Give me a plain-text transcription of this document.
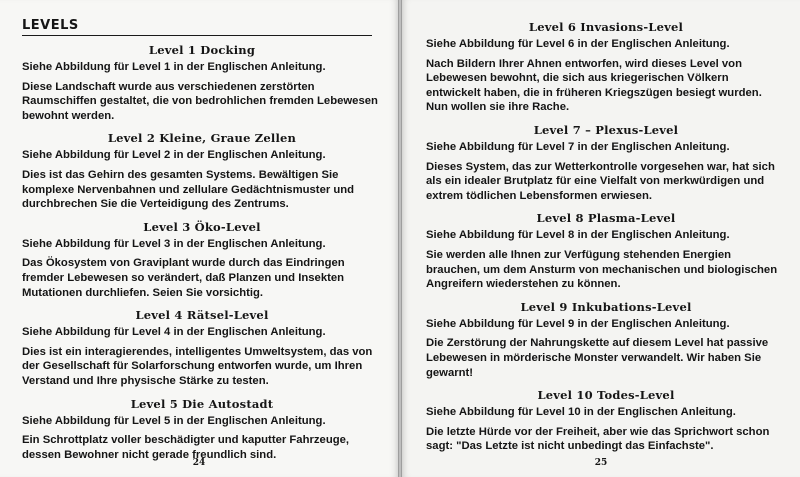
LEVELS
Level 1 Docking

Siehe Abbildung für Level 1 in der Englischen Anleitung.

Diese Landschaft wurde aus verschiedenen zerstörten Raumschiffen gestaltet, die von bedrohlichen fremden Lebewesen bewohnt werden.

Level 2 Kleine, Graue Zellen

Siehe Abbildung für Level 2 in der Englischen Anleitung.

Dies ist das Gehirn des gesamten Systems. Bewältigen Sie komplexe Nervenbahnen und zellulare Gedächtnismuster und durchbrechen Sie die Verteidigung des Zentrums.

Level 3 Öko-Level

Siehe Abbildung für Level 3 in der Englischen Anleitung.

Das Ökosystem von Graviplant wurde durch das Eindringen fremder Lebewesen so verändert, daß Planzen und Insekten Mutationen durchliefen. Seien Sie vorsichtig.

Level 4 Rätsel-Level

Siehe Abbildung für Level 4 in der Englischen Anleitung.

Dies ist ein interagierendes, intelligentes Umweltsystem, das von der Gesellschaft für Solarforschung entworfen wurde, um Ihren Verstand und Ihre physische Stärke zu testen.

Level 5 Die Autostadt

Siehe Abbildung für Level 5 in der Englischen Anleitung.

Ein Schrottplatz voller beschädigter und kaputter Fahrzeuge, dessen Bewohner nicht gerade freundlich sind.

24
Level 6 Invasions-Level

Siehe Abbildung für Level 6 in der Englischen Anleitung.

Nach Bildern Ihrer Ahnen entworfen, wird dieses Level von Lebewesen bewohnt, die sich aus kriegerischen Völkern entwickelt haben, die in früheren Kriegszügen besiegt wurden. Nun wollen sie ihre Rache.

Level 7 – Plexus-Level

Siehe Abbildung für Level 7 in der Englischen Anleitung.

Dieses System, das zur Wetterkontrolle vorgesehen war, hat sich als ein idealer Brutplatz für eine Vielfalt von merkwürdigen und extrem tödlichen Lebensformen erwiesen.

Level 8 Plasma-Level

Siehe Abbildung für Level 8 in der Englischen Anleitung.

Sie werden alle Ihnen zur Verfügung stehenden Energien brauchen, um dem Ansturm von mechanischen und biologischen Angreifern wiederstehen zu können.

Level 9 Inkubations-Level

Siehe Abbildung für Level 9 in der Englischen Anleitung.

Die Zerstörung der Nahrungskette auf diesem Level hat passive Lebewesen in mörderische Monster verwandelt. Wir haben Sie gewarnt!

Level 10 Todes-Level

Siehe Abbildung für Level 10 in der Englischen Anleitung.

Die letzte Hürde vor der Freiheit, aber wie das Sprichwort schon sagt: "Das Letzte ist nicht unbedingt das Einfachste".

25
